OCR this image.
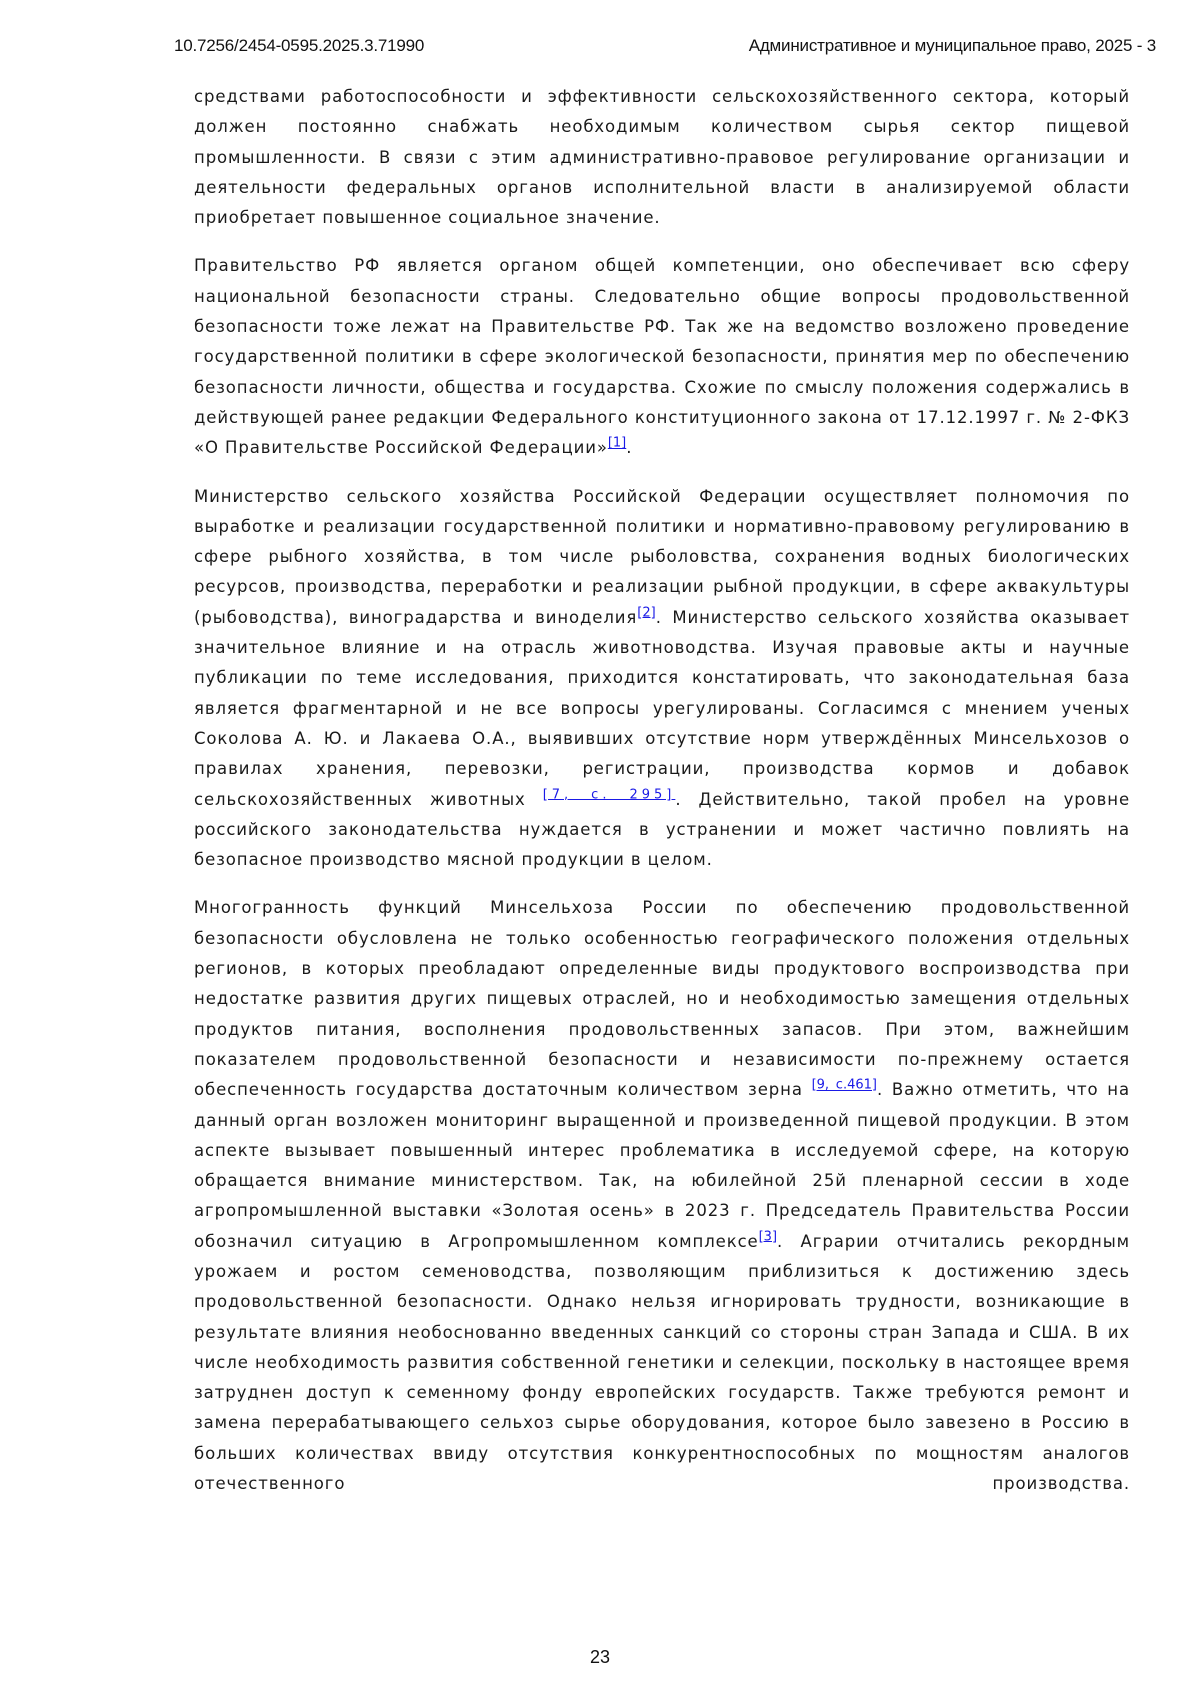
10.7256/2454-0595.2025.3.71990	Административное и муниципальное право, 2025 - 3

средствами работоспособности и эффективности сельскохозяйственного сектора, который должен постоянно снабжать необходимым количеством сырья сектор пищевой промышленности. В связи с этим административно-правовое регулирование организации и деятельности федеральных органов исполнительной власти в анализируемой области приобретает повышенное социальное значение.

Правительство РФ является органом общей компетенции, оно обеспечивает всю сферу национальной безопасности страны. Следовательно общие вопросы продовольственной безопасности тоже лежат на Правительстве РФ. Так же на ведомство возложено проведение государственной политики в сфере экологической безопасности, принятия мер по обеспечению безопасности личности, общества и государства. Схожие по смыслу положения содержались в действующей ранее редакции Федерального конституционного закона от 17.12.1997 г. № 2-ФКЗ «О Правительстве Российской Федерации»[1].

Министерство сельского хозяйства Российской Федерации осуществляет полномочия по выработке и реализации государственной политики и нормативно-правовому регулированию в сфере рыбного хозяйства, в том числе рыболовства, сохранения водных биологических ресурсов, производства, переработки и реализации рыбной продукции, в сфере аквакультуры (рыбоводства), виноградарства и виноделия[2]. Министерство сельского хозяйства оказывает значительное влияние и на отрасль животноводства. Изучая правовые акты и научные публикации по теме исследования, приходится констатировать, что законодательная база является фрагментарной и не все вопросы урегулированы. Согласимся с мнением ученых Соколова А. Ю. и Лакаева О.А., выявивших отсутствие норм утверждённых Минсельхозов о правилах хранения, перевозки, регистрации, производства кормов и добавок сельскохозяйственных животных [7, с. 295]. Действительно, такой пробел на уровне российского законодательства нуждается в устранении и может частично повлиять на безопасное производство мясной продукции в целом.

Многогранность функций Минсельхоза России по обеспечению продовольственной безопасности обусловлена не только особенностью географического положения отдельных регионов, в которых преобладают определенные виды продуктового воспроизводства при недостатке развития других пищевых отраслей, но и необходимостью замещения отдельных продуктов питания, восполнения продовольственных запасов. При этом, важнейшим показателем продовольственной безопасности и независимости по-прежнему остается обеспеченность государства достаточным количеством зерна [9, с.461]. Важно отметить, что на данный орган возложен мониторинг выращенной и произведенной пищевой продукции. В этом аспекте вызывает повышенный интерес проблематика в исследуемой сфере, на которую обращается внимание министерством. Так, на юбилейной 25й пленарной сессии в ходе агропромышленной выставки «Золотая осень» в 2023 г. Председатель Правительства России обозначил ситуацию в Агропромышленном комплексе[3]. Аграрии отчитались рекордным урожаем и ростом семеноводства, позволяющим приблизиться к достижению здесь продовольственной безопасности. Однако нельзя игнорировать трудности, возникающие в результате влияния необоснованно введенных санкций со стороны стран Запада и США. В их числе необходимость развития собственной генетики и селекции, поскольку в настоящее время затруднен доступ к семенному фонду европейских государств. Также требуются ремонт и замена перерабатывающего сельхоз сырье оборудования, которое было завезено в Россию в больших количествах ввиду отсутствия конкурентноспособных по мощностям аналогов отечественного производства.

23
